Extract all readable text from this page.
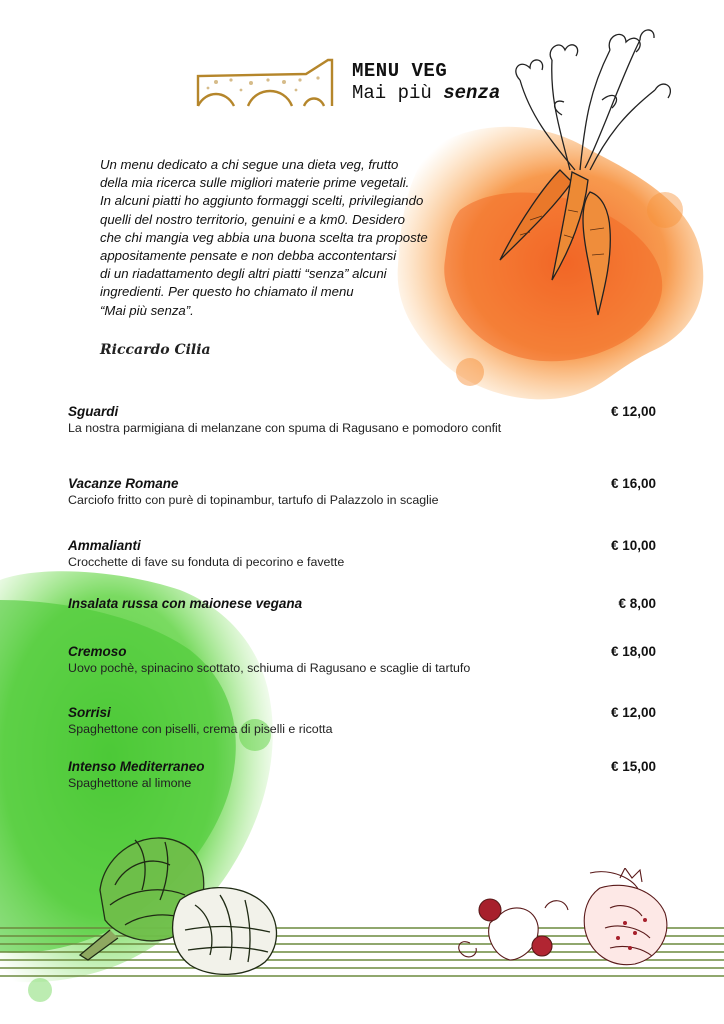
MENU VEG
Mai più senza
Un menu dedicato a chi segue una dieta veg, frutto
della mia ricerca sulle migliori materie prime vegetali.
In alcuni piatti ho aggiunto formaggi scelti, privilegiando
quelli del nostro territorio, genuini e a km0. Desidero
che chi mangia veg abbia una buona scelta tra proposte
appositamente pensate e non debba accontentarsi
di un riadattamento degli altri piatti “senza” alcuni
ingredienti. Per questo ho chiamato il menu
“Mai più senza”.
Riccardo Cilia
Sguardi
La nostra parmigiana di melanzane con spuma di Ragusano e pomodoro confit
€ 12,00
Vacanze Romane
Carciofo fritto con purè di topinambur, tartufo di Palazzolo in scaglie
€ 16,00
Ammalianti
Crocchette di fave su fonduta di pecorino e favette
€ 10,00
Insalata russa con maionese vegana	€ 8,00
Cremoso
Uovo pochè, spinacino scottato, schiuma di Ragusano e scaglie di tartufo
€ 18,00
Sorrisi
Spaghettone con piselli, crema di piselli e ricotta
€ 12,00
Intenso Mediterraneo
Spaghettone al limone
€ 15,00
